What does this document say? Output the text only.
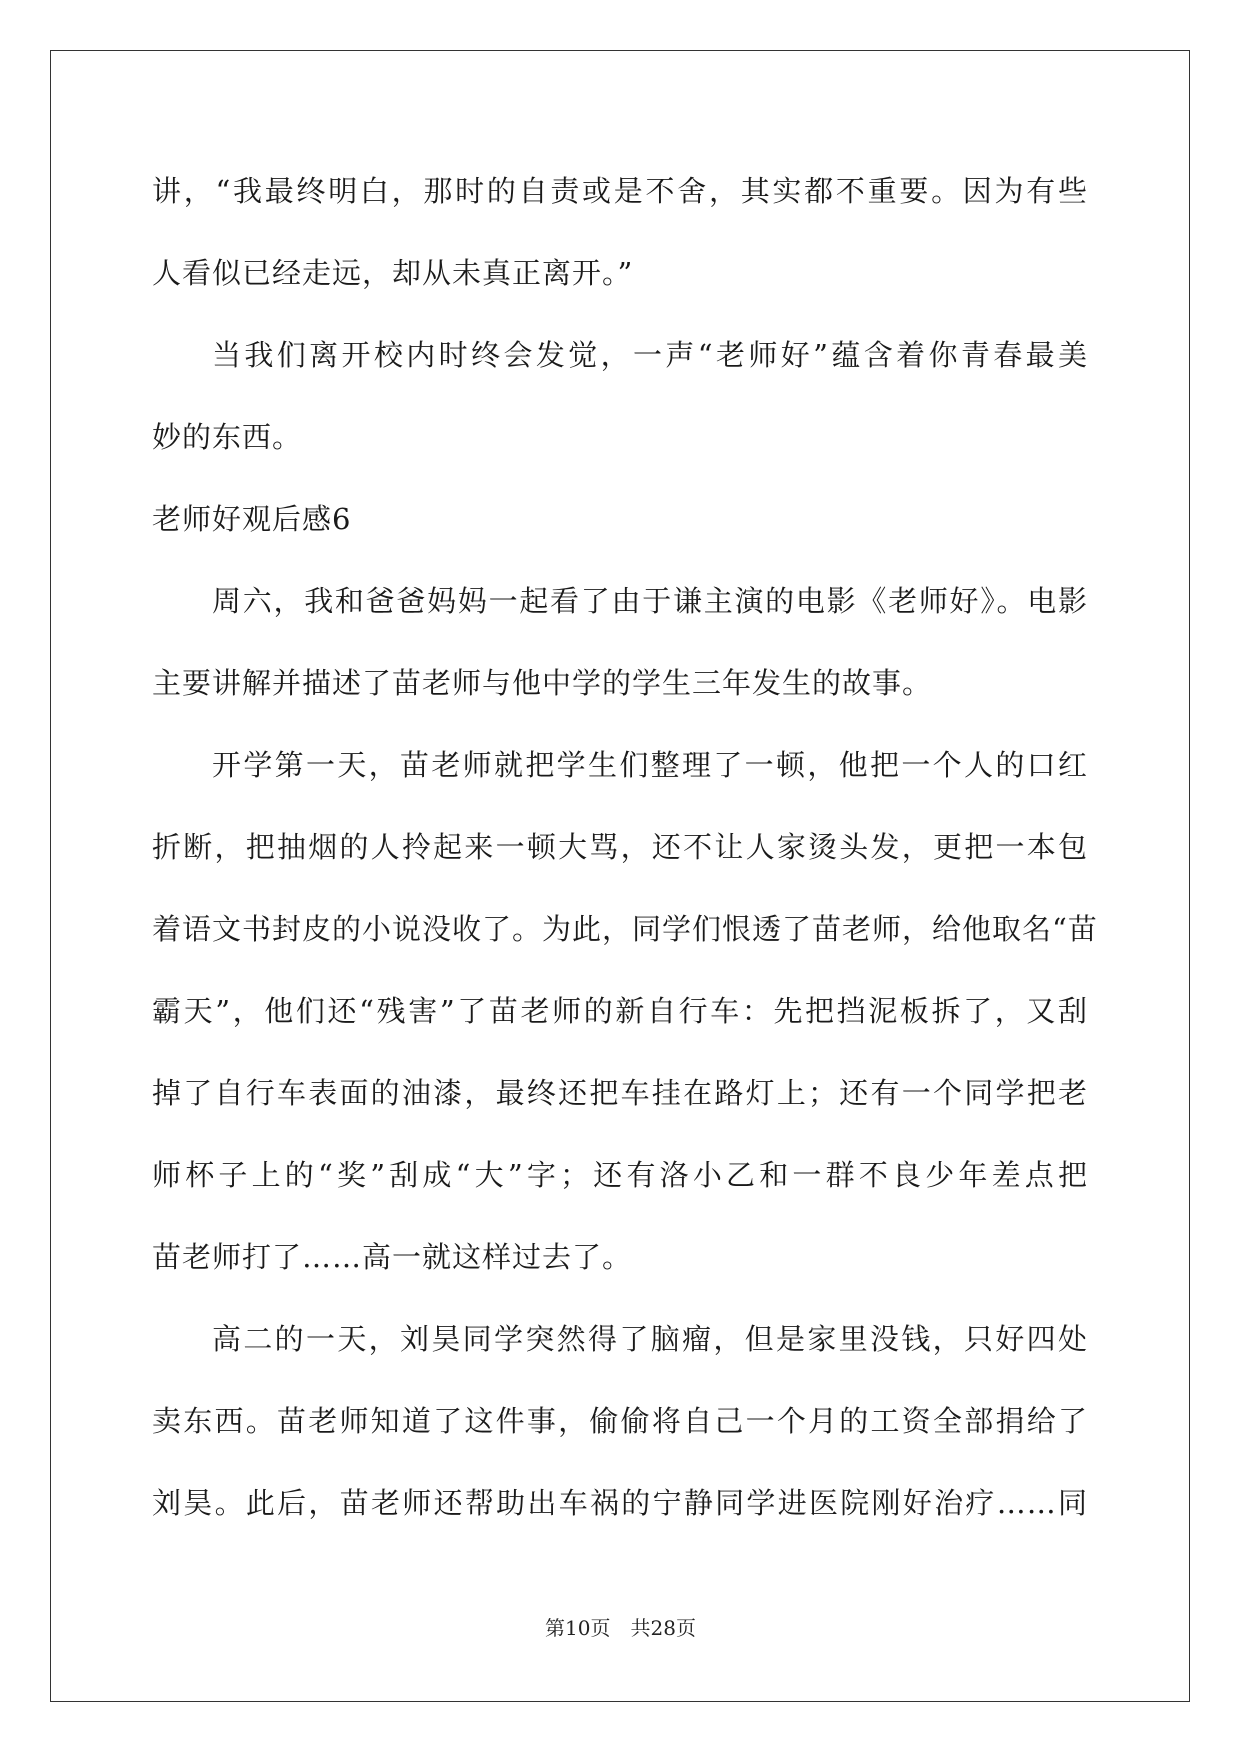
讲，“我最终明白，那时的自责或是不舍，其实都不重要。因为有些
人看似已经走远，却从未真正离开。”
当我们离开校内时终会发觉，一声“老师好”蕴含着你青春最美
妙的东西。
老师好观后感6
周六，我和爸爸妈妈一起看了由于谦主演的电影《老师好》。电影
主要讲解并描述了苗老师与他中学的学生三年发生的故事。
开学第一天，苗老师就把学生们整理了一顿，他把一个人的口红
折断，把抽烟的人拎起来一顿大骂，还不让人家烫头发，更把一本包
着语文书封皮的小说没收了。为此，同学们恨透了苗老师，给他取名“苗
霸天”，他们还“残害”了苗老师的新自行车：先把挡泥板拆了，又刮
掉了自行车表面的油漆，最终还把车挂在路灯上；还有一个同学把老
师杯子上的“奖”刮成“大”字；还有洛小乙和一群不良少年差点把
苗老师打了……高一就这样过去了。
高二的一天，刘昊同学突然得了脑瘤，但是家里没钱，只好四处
卖东西。苗老师知道了这件事，偷偷将自己一个月的工资全部捐给了
刘昊。此后，苗老师还帮助出车祸的宁静同学进医院刚好治疗……同
第10页 共28页
